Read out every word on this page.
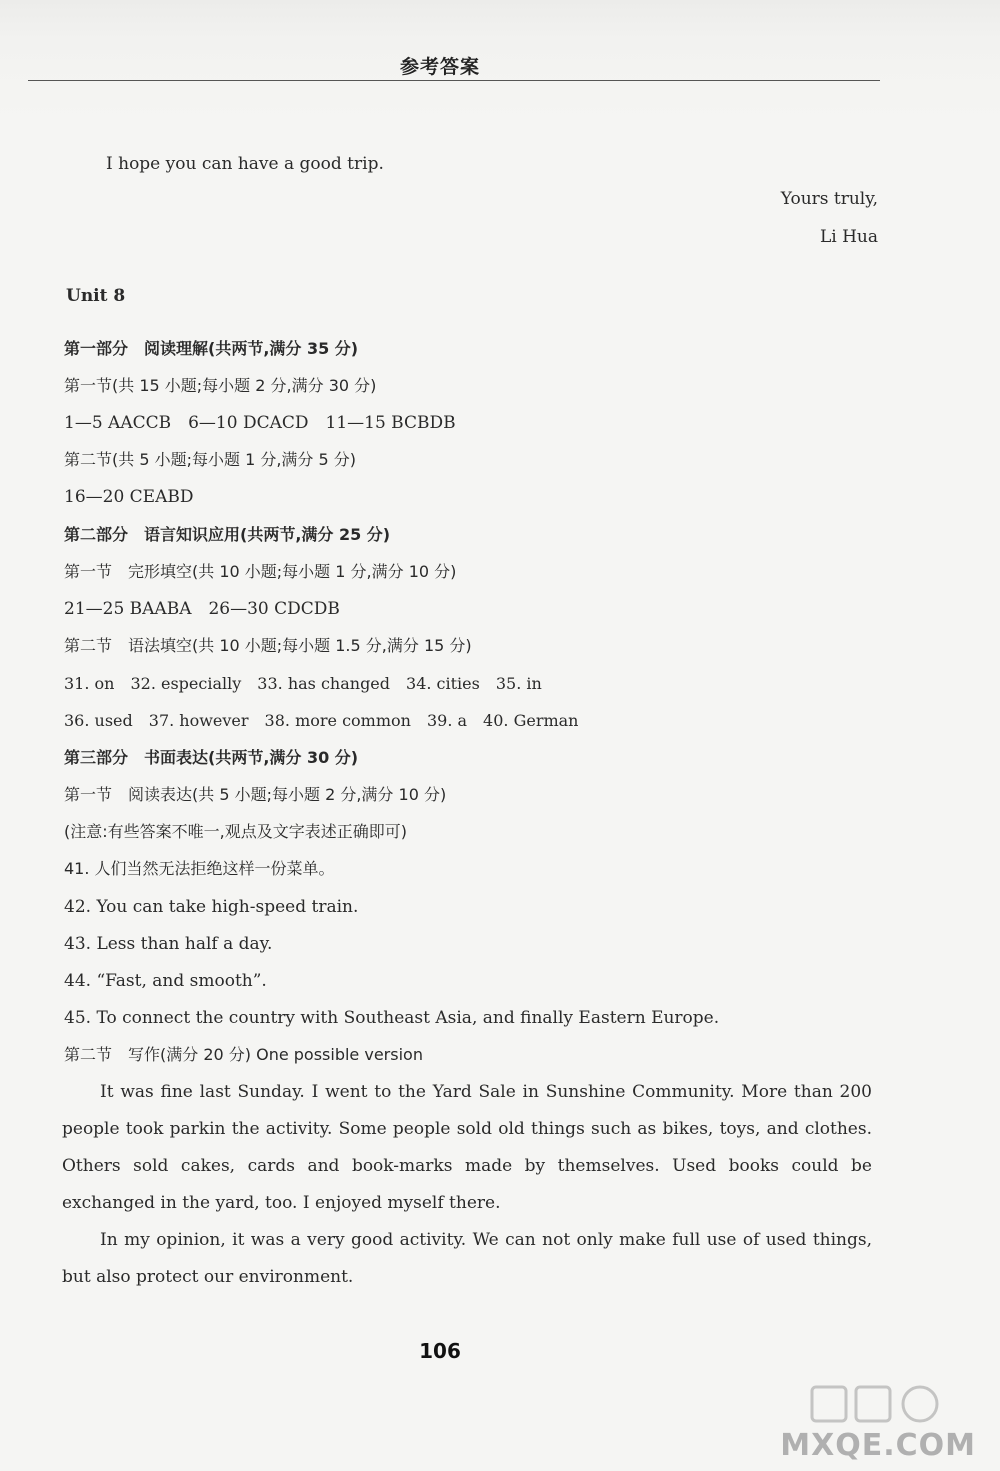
参考答案
I hope you can have a good trip.
Yours truly,
Li Hua
Unit 8
第一部分　阅读理解(共两节,满分 35 分)
第一节(共 15 小题;每小题 2 分,满分 30 分)
1—5 AACCB　6—10 DCACD　11—15 BCBDB
第二节(共 5 小题;每小题 1 分,满分 5 分)
16—20 CEABD
第二部分　语言知识应用(共两节,满分 25 分)
第一节　完形填空(共 10 小题;每小题 1 分,满分 10 分)
21—25 BAABA　26—30 CDCDB
第二节　语法填空(共 10 小题;每小题 1.5 分,满分 15 分)
31. on　32. especially　33. has changed　34. cities　35. in
36. used　37. however　38. more common　39. a　40. German
第三部分　书面表达(共两节,满分 30 分)
第一节　阅读表达(共 5 小题;每小题 2 分,满分 10 分)
(注意:有些答案不唯一,观点及文字表述正确即可)
41. 人们当然无法拒绝这样一份菜单。
42. You can take high-speed train.
43. Less than half a day.
44. “Fast, and smooth”.
45. To connect the country with Southeast Asia, and finally Eastern Europe.
第二节　写作(满分 20 分) One possible version
It was fine last Sunday. I went to the Yard Sale in Sunshine Community. More than 200 people took parkin the activity. Some people sold old things such as bikes, toys, and clothes. Others sold cakes, cards and book-marks made by themselves. Used books could be exchanged in the yard, too. I enjoyed myself there.
In my opinion, it was a very good activity. We can not only make full use of used things, but also protect our environment.
106
MXQE.COM
